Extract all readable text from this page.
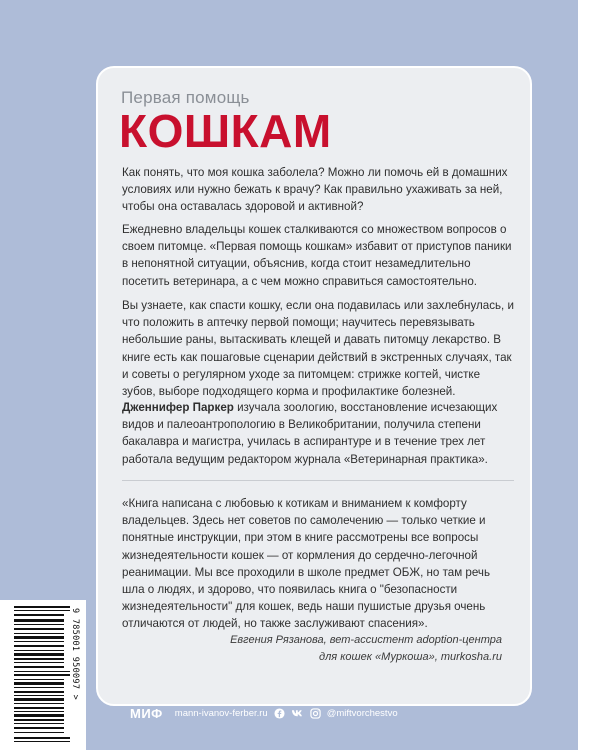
Первая помощь
КОШКАМ

Как понять, что моя кошка заболела? Можно ли помочь ей в домашних условиях или нужно бежать к врачу? Как правильно ухаживать за ней, чтобы она оставалась здоровой и активной?

Ежедневно владельцы кошек сталкиваются со множеством вопросов о своем питомце. «Первая помощь кошкам» избавит от приступов паники в непонятной ситуации, объяснив, когда стоит незамедлительно посетить ветеринара, а с чем можно справиться самостоятельно.

Вы узнаете, как спасти кошку, если она подавилась или захлебнулась, и что положить в аптечку первой помощи; научитесь перевязывать небольшие раны, вытаскивать клещей и давать питомцу лекарство. В книге есть как пошаговые сценарии действий в экстренных случаях, так и советы о регулярном уходе за питомцем: стрижке когтей, чистке зубов, выборе подходящего корма и профилактике болезней.

Дженнифер Паркер изучала зоологию, восстановление исчезающих видов и палеоантропологию в Великобритании, получила степени бакалавра и магистра, училась в аспирантуре и в течение трех лет работала ведущим редактором журнала «Ветеринарная практика».

«Книга написана с любовью к котикам и вниманием к комфорту владельцев. Здесь нет советов по самолечению — только четкие и понятные инструкции, при этом в книге рассмотрены все вопросы жизнедеятельности кошек — от кормления до сердечно-легочной реанимации. Мы все проходили в школе предмет ОБЖ, но там речь шла о людях, и здорово, что появилась книга о "безопасности жизнедеятельности" для кошек, ведь наши пушистые друзья очень отличаются от людей, но также заслуживают спасения».

Евгения Рязанова, вет-ассистент adoption-центра
для кошек «Муркоша», murkosha.ru
9 785001 950097 >
МИФ mann-ivanov-ferber.ru	@miftvorchestvo
